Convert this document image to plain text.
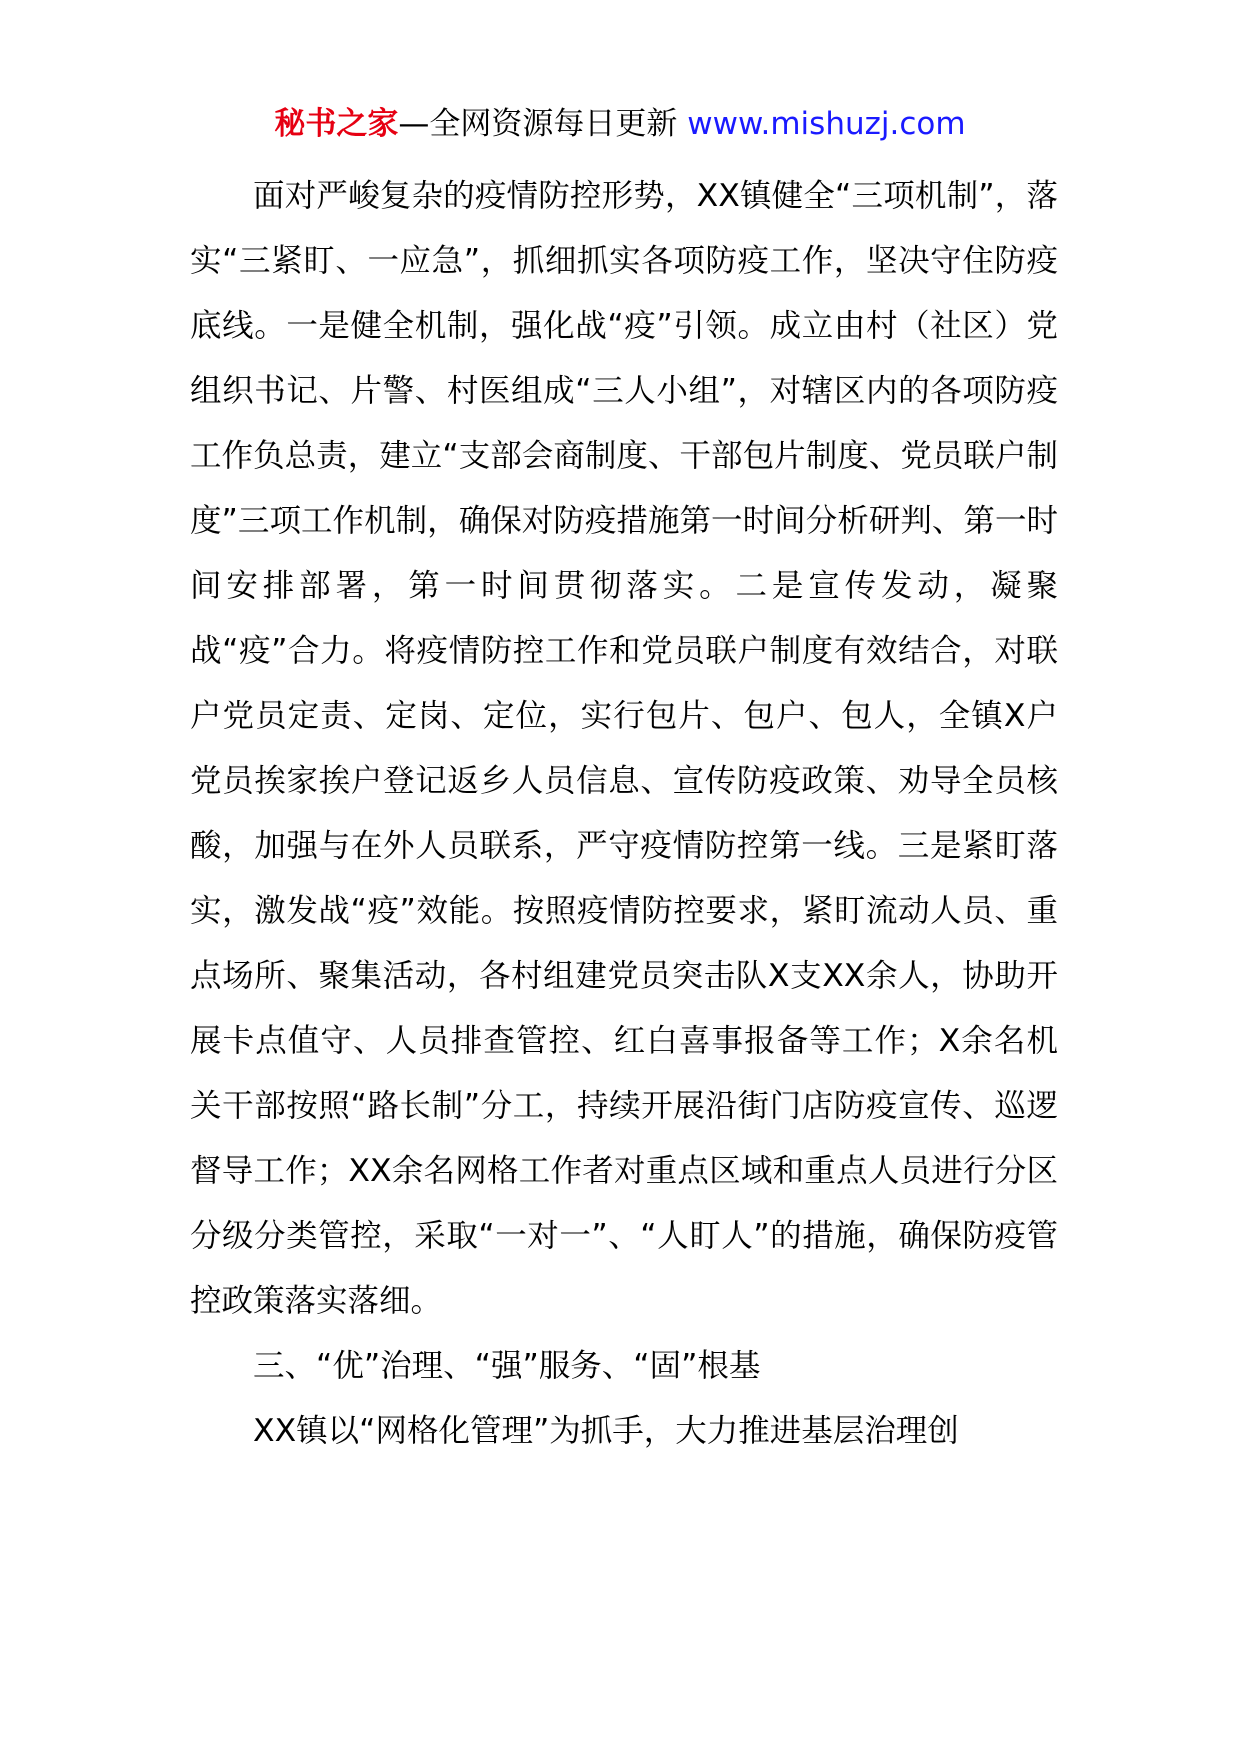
秘书之家—全网资源每日更新 www.mishuzj.com

面对严峻复杂的疫情防控形势，XX镇健全“三项机制”，落实“三紧盯、一应急”，抓细抓实各项防疫工作，坚决守住防疫底线。一是健全机制，强化战“疫”引领。成立由村（社区）党组织书记、片警、村医组成“三人小组”，对辖区内的各项防疫工作负总责，建立“支部会商制度、干部包片制度、党员联户制度”三项工作机制，确保对防疫措施第一时间分析研判、第一时间安排部署，第一时间贯彻落实。二是宣传发动，凝聚战“疫”合力。将疫情防控工作和党员联户制度有效结合，对联户党员定责、定岗、定位，实行包片、包户、包人，全镇X户党员挨家挨户登记返乡人员信息、宣传防疫政策、劝导全员核酸，加强与在外人员联系，严守疫情防控第一线。三是紧盯落实，激发战“疫”效能。按照疫情防控要求，紧盯流动人员、重点场所、聚集活动，各村组建党员突击队X支XX余人，协助开展卡点值守、人员排查管控、红白喜事报备等工作；X余名机关干部按照“路长制”分工，持续开展沿街门店防疫宣传、巡逻督导工作；XX余名网格工作者对重点区域和重点人员进行分区分级分类管控，采取“一对一”、“人盯人”的措施，确保防疫管控政策落实落细。

三、“优”治理、“强”服务、“固”根基

XX镇以“网格化管理”为抓手，大力推进基层治理创
